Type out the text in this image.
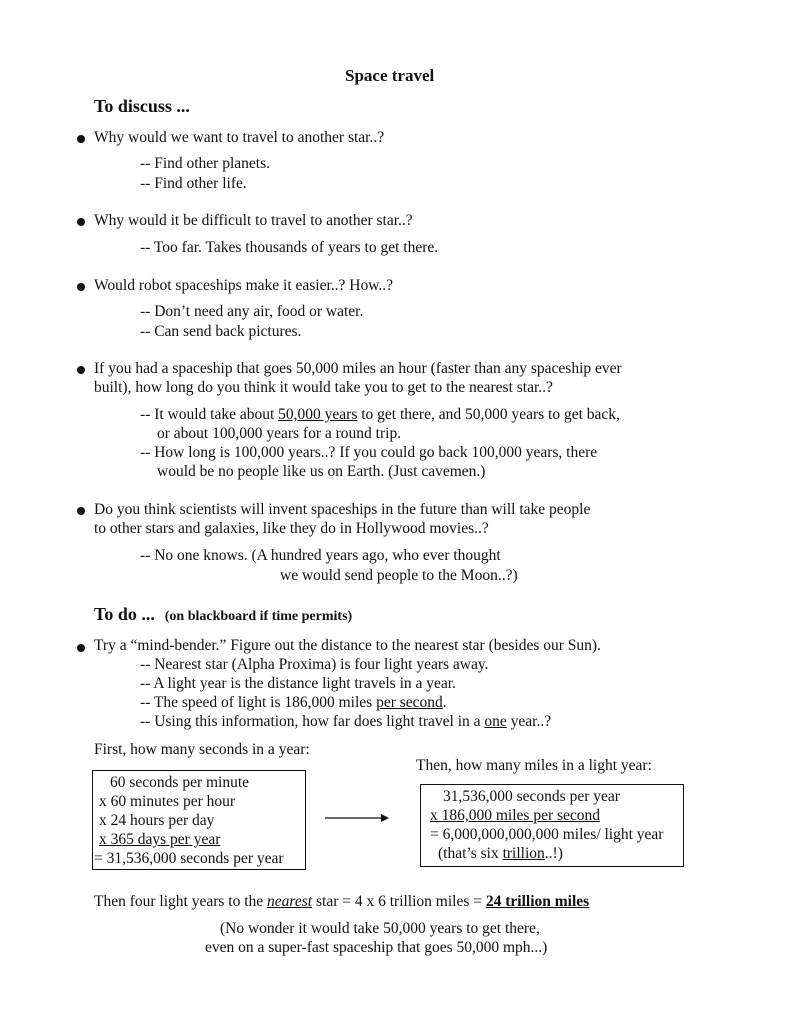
Space travel
To discuss ...
Why would we want to travel to another star..?
-- Find other planets.
-- Find other life.
Why would it be difficult to travel to another star..?
-- Too far. Takes thousands of years to get there.
Would robot spaceships make it easier..? How..?
-- Don’t need any air, food or water.
-- Can send back pictures.
If you had a spaceship that goes 50,000 miles an hour (faster than any spaceship ever
built), how long do you think it would take you to get to the nearest star..?
-- It would take about 50,000 years to get there, and 50,000 years to get back,
or about 100,000 years for a round trip.
-- How long is 100,000 years..? If you could go back 100,000 years, there
would be no people like us on Earth. (Just cavemen.)
Do you think scientists will invent spaceships in the future than will take people
to other stars and galaxies, like they do in Hollywood movies..?
-- No one knows. (A hundred years ago, who ever thought
we would send people to the Moon..?)
To do ... (on blackboard if time permits)
Try a “mind-bender.” Figure out the distance to the nearest star (besides our Sun).
-- Nearest star (Alpha Proxima) is four light years away.
-- A light year is the distance light travels in a year.
-- The speed of light is 186,000 miles per second.
-- Using this information, how far does light travel in a one year..?
First, how many seconds in a year:
60 seconds per minute
x 60 minutes per hour
x 24 hours per day
x 365 days per year
= 31,536,000 seconds per year
Then, how many miles in a light year:
31,536,000 seconds per year
x 186,000 miles per second
= 6,000,000,000,000 miles/ light year
(that’s six trillion..!)
Then four light years to the nearest star = 4 x 6 trillion miles = 24 trillion miles
(No wonder it would take 50,000 years to get there,
even on a super-fast spaceship that goes 50,000 mph...)
